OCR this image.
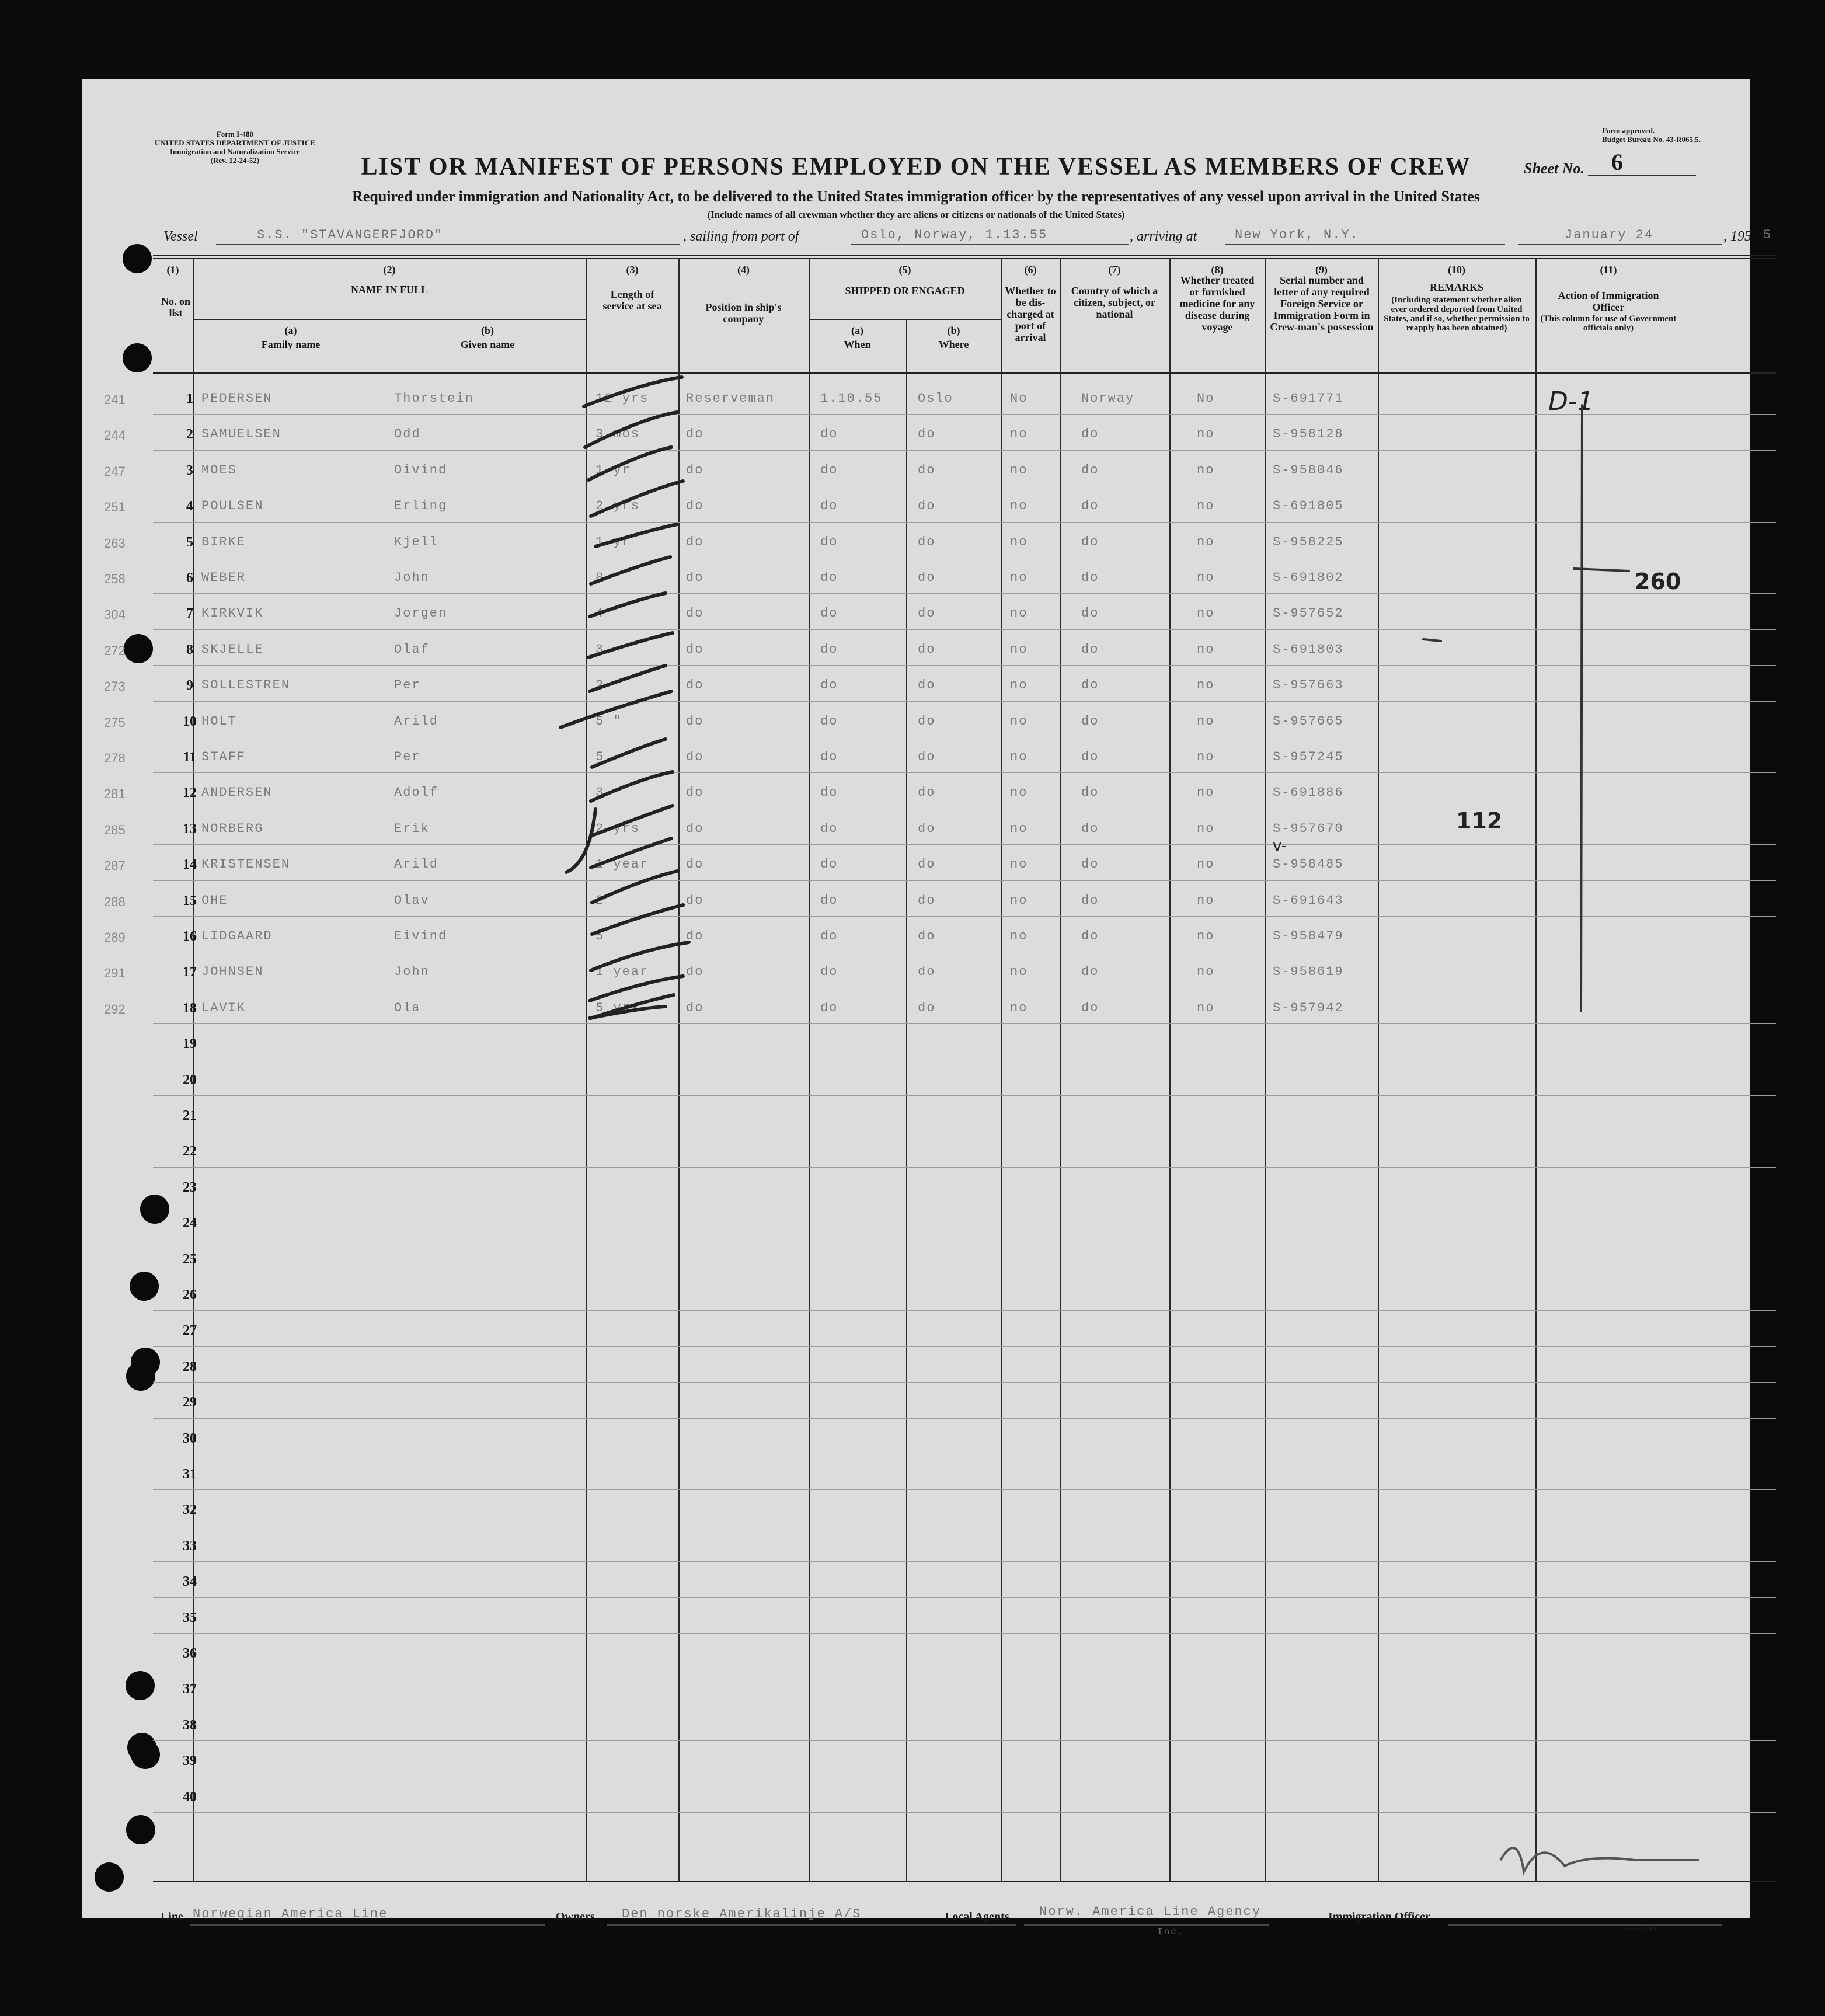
Form I-480
UNITED STATES DEPARTMENT OF JUSTICE
Immigration and Naturalization Service
(Rev. 12-24-52)
Form approved.
Budget Bureau No. 43-R065.5.
LIST OR MANIFEST OF PERSONS EMPLOYED ON THE VESSEL AS MEMBERS OF CREW	Sheet No. 6
Required under immigration and Nationality Act, to be delivered to the United States immigration officer by the representatives of any vessel upon arrival in the United States
(Include names of all crewman whether they are aliens or citizens or nationals of the United States)
Vessel	S.S. "STAVANGERFJORD"	, sailing from port of	Oslo, Norway, 1.13.55	, arriving at	New York, N.Y.	January 24	, 195 5
(1)
No. on list
(2)
NAME IN FULL
(a)
Family name
(b)
Given name
(3)
Length of service at sea
(4)
Position in ship's company
(5)
SHIPPED OR ENGAGED
(a)
When
(b)
Where
(6)
Whether to be dis-charged at port of arrival
(7)
Country of which a citizen, subject, or national
(8)
Whether treated or furnished medicine for any disease during voyage
(9)
Serial number and letter of any required Foreign Service or Immigration Form in Crew-man's possession
(10)
REMARKS
(Including statement whether alien ever ordered deported from United States, and if so, whether permission to reapply has been obtained)
(11)
Action of Immigration Officer
(This column for use of Government officials only)
1
241	PEDERSEN	Thorstein	12 yrs	Reserveman	1.10.55	Oslo	No	Norway	No	S-691771
2
244	SAMUELSEN	Odd	3 mos	do	do	do	no	do	no	S-958128
3
247	MOES	Oivind	1 yr	do	do	do	no	do	no	S-958046
4
251	POULSEN	Erling	2 yrs	do	do	do	no	do	no	S-691805
5
263	BIRKE	Kjell	1 yr	do	do	do	no	do	no	S-958225
6
258	WEBER	John	8	do	do	do	no	do	no	S-691802
7
304	KIRKVIK	Jorgen	4	do	do	do	no	do	no	S-957652
8
272	SKJELLE	Olaf	3	do	do	do	no	do	no	S-691803
9
273	SOLLESTREN	Per	2	do	do	do	no	do	no	S-957663
10
275	HOLT	Arild	5 "	do	do	do	no	do	no	S-957665
11
278	STAFF	Per	5	do	do	do	no	do	no	S-957245
12
281	ANDERSEN	Adolf	3	do	do	do	no	do	no	S-691886
13
285	NORBERG	Erik	2 yrs	do	do	do	no	do	no	S-957670
14
287	KRISTENSEN	Arild	1 year	do	do	do	no	do	no	S-958485
15
288	OHE	Olav	2	do	do	do	no	do	no	S-691643
16
289	LIDGAARD	Eivind	5	do	do	do	no	do	no	S-958479
17
291	JOHNSEN	John	1 year	do	do	do	no	do	no	S-958619
18
292	LAVIK	Ola	5 yrs	do	do	do	no	do	no	S-957942
19
20
21
22
23
24
25
26
27
28
29
30
31
32
33
34
35
36
37
38
39
40
D-1
260
112
v-
Line Norwegian America Line	Owners Den norske Amerikalinje A/S	Local Agents Norw. America Line Agency
Inc.
Immigration Officer
16—67820-1
